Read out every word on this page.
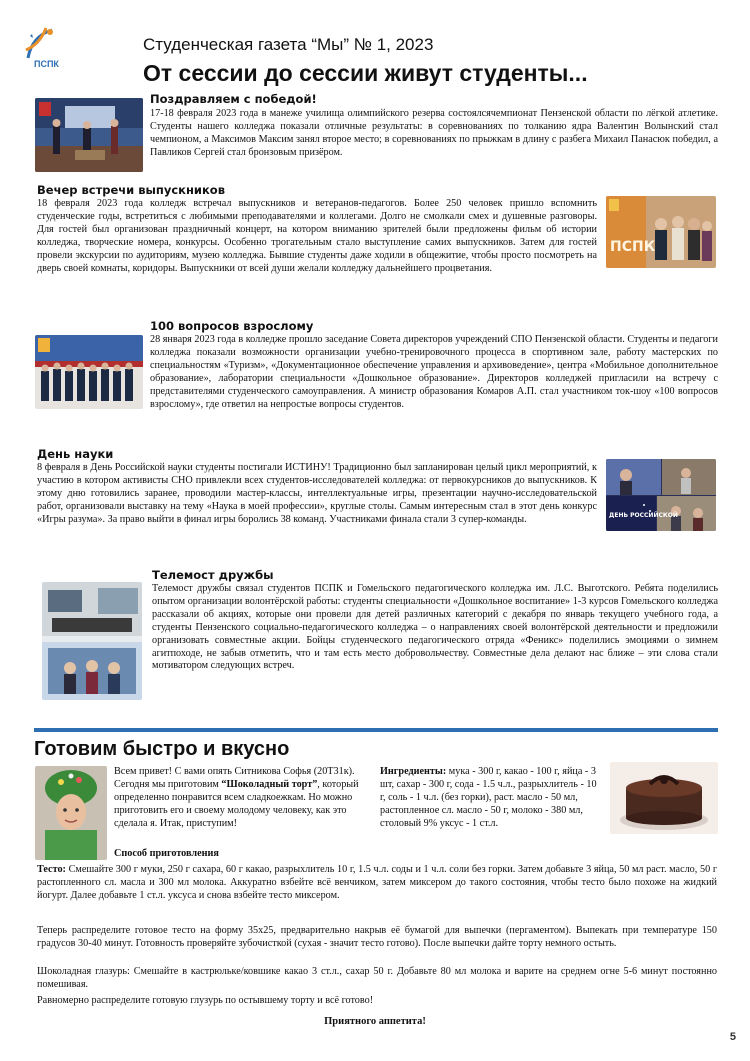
ПСПК
Студенческая газета “Мы” № 1, 2023
От сессии до сессии живут студенты...
Поздравляем с победой!

17-18 февраля 2023 года в манеже училища олимпийского резерва состоялсячемпионат Пензенской области по лёгкой атлетике. Студенты нашего колледжа показали отличные результаты: в соревнованиях по толканию ядра Валентин Волынский стал чемпионом, а Максимов Максим занял второе место; в соревнованиях по прыжкам в длину с разбега Михаил Панасюк победил, а Павликов Сергей стал бронзовым призёром.

Вечер встречи выпускников

18 февраля 2023 года колледж встречал выпускников и ветеранов-педагогов. Более 250 человек пришло вспомнить студенческие годы, встретиться с любимыми преподавателями и коллегами. Долго не смолкали смех и душевные разговоры. Для гостей был организован праздничный концерт, на котором вниманию зрителей были предложены фильм об истории колледжа, творческие номера, конкурсы. Особенно трогательным стало выступление самих выпускников. Затем для гостей провели экскурсии по аудиториям, музею колледжа. Бывшие студенты даже ходили в общежитие, чтобы просто посмотреть на дверь своей комнаты, коридоры. Выпускники от всей души желали колледжу дальнейшего процветания.

ПСПК
100 вопросов взрослому

28 января 2023 года в колледже прошло заседание Совета директоров учреждений СПО Пензенской области. Студенты и педагоги колледжа показали возможности организации учебно-тренировочного процесса в спортивном зале, работу мастерских по специальностям «Туризм», «Документационное обеспечение управления и архивоведение», центра «Мобильное дополнительное образование», лаборатории специальности «Дошкольное образование». Директоров колледжей пригласили на встречу с представителями студенческого самоуправления. А министр образования Комаров А.П. стал участником ток-шоу «100 вопросов взрослому», где ответил на непростые вопросы студентов.

День науки

8 февраля в День Российской науки студенты постигали ИСТИНУ! Традиционно был запланирован целый цикл мероприятий, к участию в котором активисты СНО привлекли всех студентов-исследователей колледжа: от первокурсников до выпускников. К этому дню готовились заранее, проводили мастер-классы, интеллектуальные игры, презентации научно-исследовательской работ, организовали выставку на тему «Наука в моей профессии», круглые столы. Самым интересным стал в этот день конкурс «Игры разума». За право выйти в финал игры боролись 38 команд. Участниками финала стали 3 супер-команды.	ДЕНЬ РОССИЙСКОЙ
Телемост дружбы

Телемост дружбы связал студентов ПСПК и Гомельского педагогического колледжа им. Л.С. Выготского. Ребята поделились опытом организации волонтёрской работы: студенты специальности «Дошкольное воспитание» 1-3 курсов Гомельского колледжа рассказали об акциях, которые они провели для детей различных категорий с декабря по январь текущего учебного года, а студенты Пензенского социально-педагогического колледжа – о направлениях своей волонтёрской деятельности и предложили организовать совместные акции. Бойцы студенческого педагогического отряда «Феникс» поделились эмоциями о зимнем агитпоходе, не забыв отметить, что и там есть место добровольчеству. Совместные дела делают нас ближе – эти слова стали мотиватором следующих встреч.

Готовим быстро и вкусно

Всем привет! С вами опять Ситникова Софья (20Т31к). Сегодня мы приготовим “Шоколадный торт”, который определенно понравится всем сладкоежкам. Но можно приготовить его и своему молодому человеку, как это сделала я. Итак, приступим!

Способ приготовления

Ингредиенты: мука - 300 г, какао - 100 г, яйца - 3 шт, сахар - 300 г, сода - 1.5 ч.л., разрыхлитель - 10 г, соль - 1 ч.л. (без горки), раст. масло - 50 мл, растопленное сл. масло - 50 г, молоко - 380 мл, столовый 9% уксус - 1 ст.л.

Тесто: Смешайте 300 г муки, 250 г сахара, 60 г какао, разрыхлитель 10 г, 1.5 ч.л. соды и 1 ч.л. соли без горки. Затем добавьте 3 яйца, 50 мл раст. масло, 50 г растопленного сл. масла и 300 мл молока. Аккуратно взбейте всё венчиком, затем миксером до такого состояния, чтобы тесто было похоже на жидкий йогурт. Далее добавьте 1 ст.л. уксуса и снова взбейте тесто миксером.

Теперь распределите готовое тесто на форму 35х25, предварительно накрыв её бумагой для выпечки (пергаментом). Выпекать при температуре 150 градусов 30-40 минут. Готовность проверяйте зубочисткой (сухая - значит тесто готово). После выпечки дайте торту немного остыть.

Шоколадная глазурь: Смешайте в кастрюльке/ковшике какао 3 ст.л., сахар 50 г. Добавьте 80 мл молока и варите на среднем огне 5-6 минут постоянно помешивая.

Равномерно распределите готовую глузурь по остывшему торту и всё готово!

Приятного аппетита!
5
